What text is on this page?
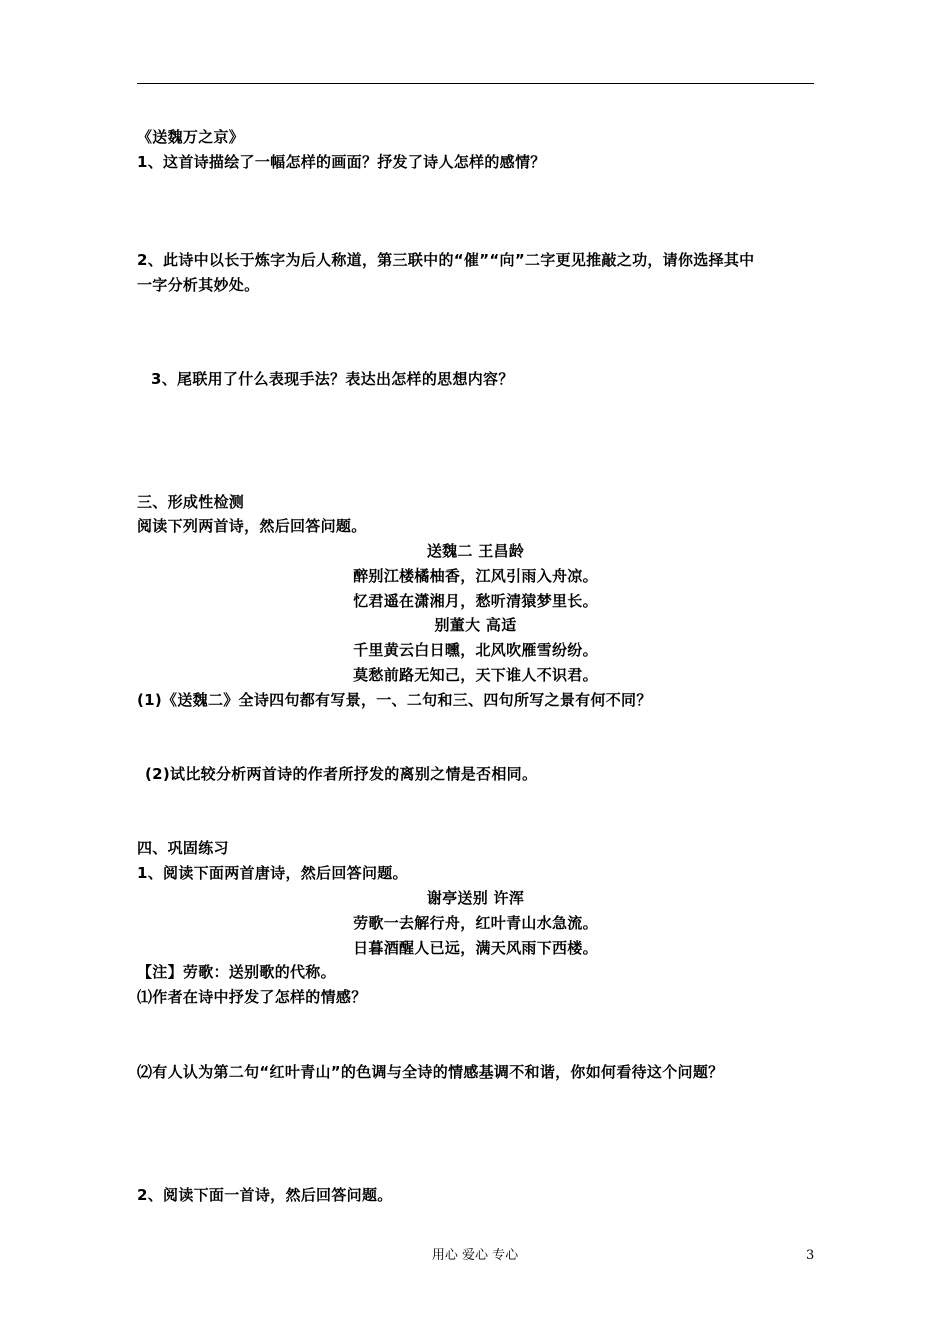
《送魏万之京》
1、这首诗描绘了一幅怎样的画面？抒发了诗人怎样的感情？
2、此诗中以长于炼字为后人称道，第三联中的“催”“向”二字更见推敲之功，请你选择其中
一字分析其妙处。
3、尾联用了什么表现手法？表达出怎样的思想内容？
三、形成性检测
阅读下列两首诗，然后回答问题。
送魏二 王昌龄
醉别江楼橘柚香，江风引雨入舟凉。
忆君遥在潇湘月，愁听清猿梦里长。
别董大 高适
千里黄云白日曛，北风吹雁雪纷纷。
莫愁前路无知己，天下谁人不识君。
(1)《送魏二》全诗四句都有写景，一、二句和三、四句所写之景有何不同？
(2)试比较分析两首诗的作者所抒发的离别之情是否相同。
四、巩固练习
1、阅读下面两首唐诗，然后回答问题。
谢亭送别 许浑
劳歌一去解行舟，红叶青山水急流。
日暮酒醒人已远，满天风雨下西楼。
【注】劳歌：送别歌的代称。
⑴作者在诗中抒发了怎样的情感？
⑵有人认为第二句“红叶青山”的色调与全诗的情感基调不和谐，你如何看待这个问题？
2、阅读下面一首诗，然后回答问题。
用心 爱心 专心	3
